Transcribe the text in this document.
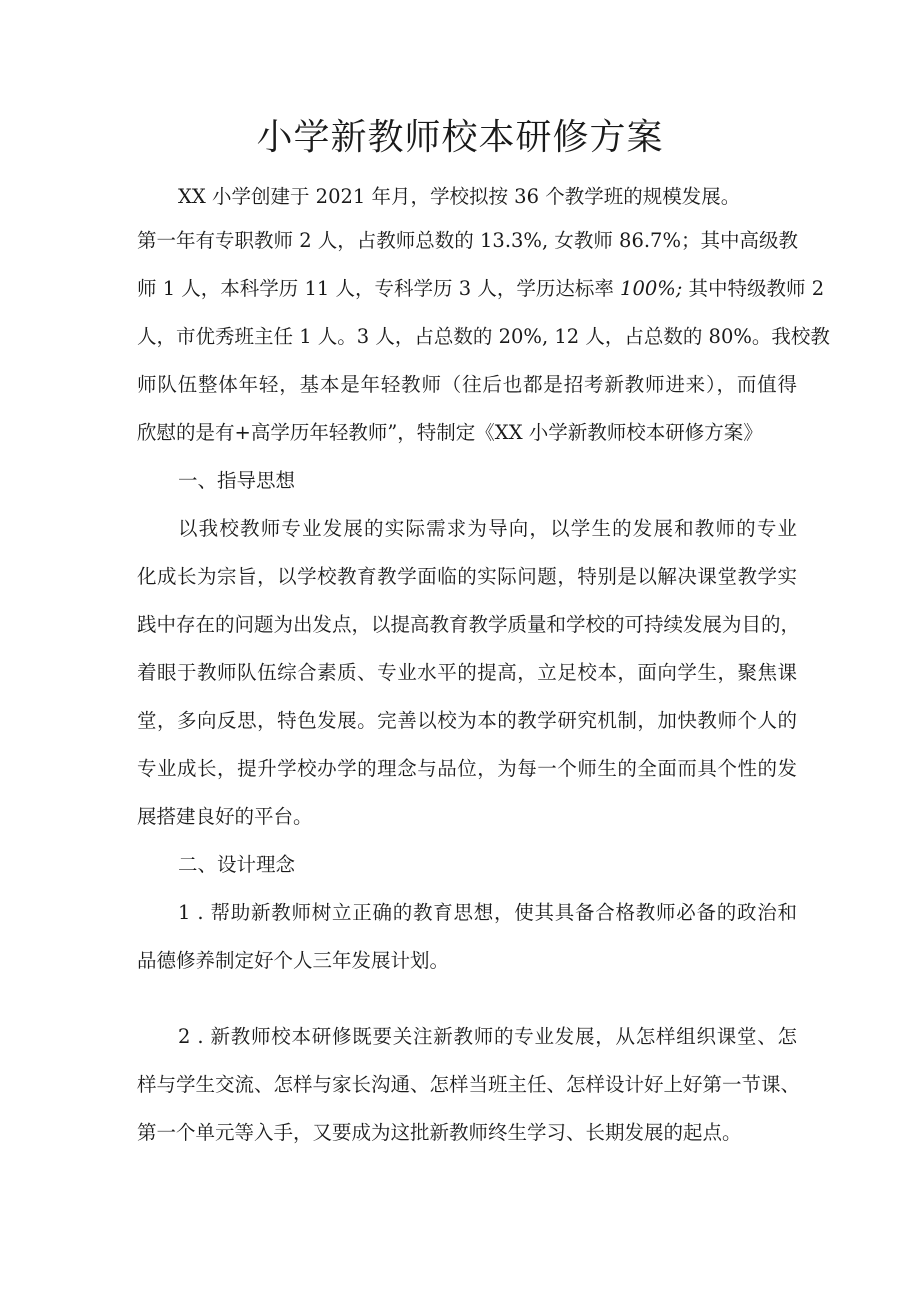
小学新教师校本研修方案
XX 小学创建于 2021 年月，学校拟按 36 个教学班的规模发展。
第一年有专职教师 2 人，占教师总数的 13.3%, 女教师 86.7%；其中高级教
师 1 人，本科学历 11 人，专科学历 3 人，学历达标率 100%; 其中特级教师 2
人，市优秀班主任 1 人。3 人，占总数的 20%, 12 人，占总数的 80%。我校教
师队伍整体年轻，基本是年轻教师（往后也都是招考新教师进来），而值得
欣慰的是有+高学历年轻教师”，特制定《XX 小学新教师校本研修方案》
一、指导思想
以我校教师专业发展的实际需求为导向，以学生的发展和教师的专业
化成长为宗旨，以学校教育教学面临的实际问题，特别是以解决课堂教学实
践中存在的问题为出发点，以提高教育教学质量和学校的可持续发展为目的，
着眼于教师队伍综合素质、专业水平的提高，立足校本，面向学生，聚焦课
堂，多向反思，特色发展。完善以校为本的教学研究机制，加快教师个人的
专业成长，提升学校办学的理念与品位，为每一个师生的全面而具个性的发
展搭建良好的平台。
二、设计理念
1 . 帮助新教师树立正确的教育思想，使其具备合格教师必备的政治和
品德修养制定好个人三年发展计划。
2 . 新教师校本研修既要关注新教师的专业发展，从怎样组织课堂、怎
样与学生交流、怎样与家长沟通、怎样当班主任、怎样设计好上好第一节课、
第一个单元等入手，又要成为这批新教师终生学习、长期发展的起点。
